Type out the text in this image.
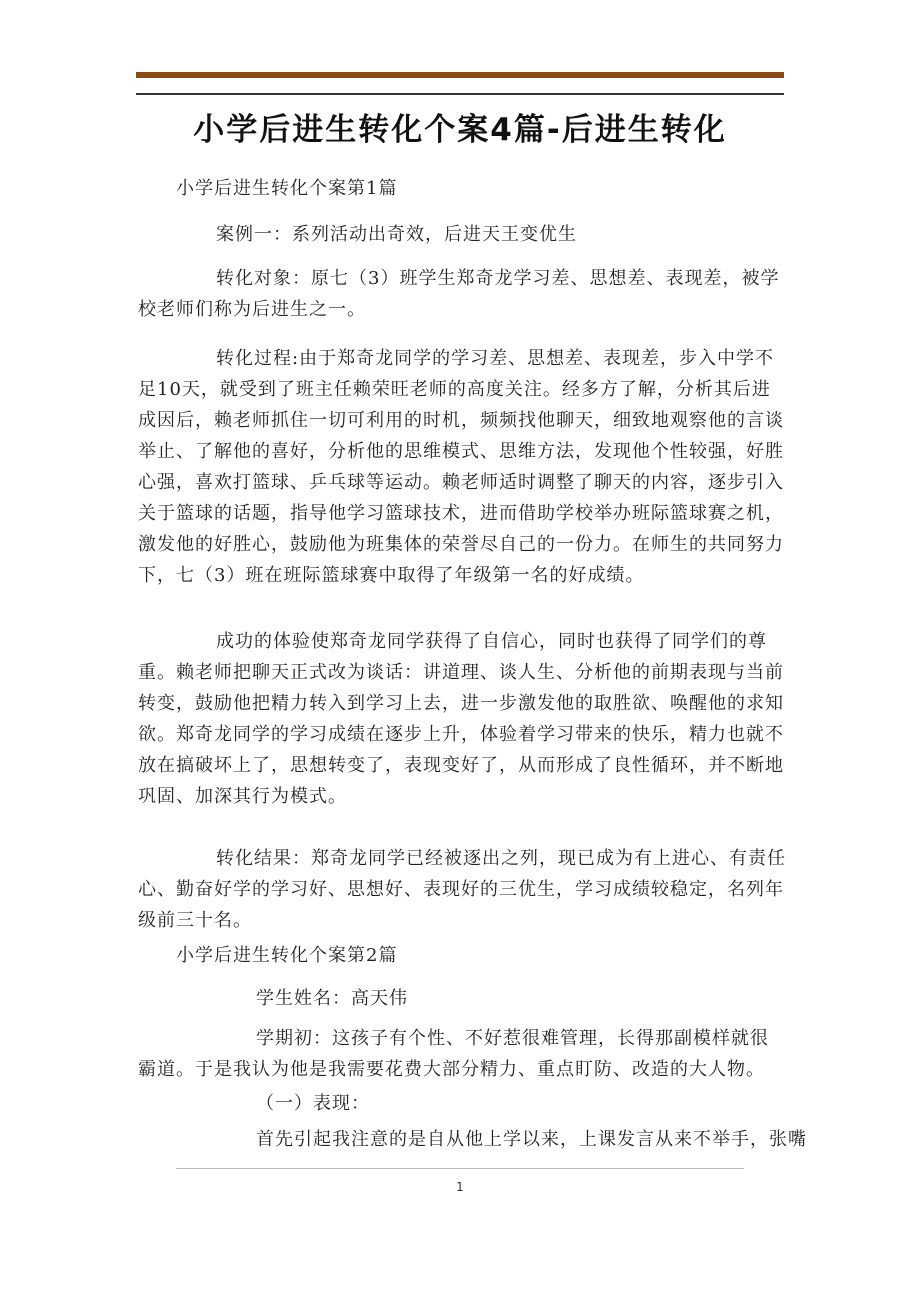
小学后进生转化个案4篇-后进生转化

小学后进生转化个案第1篇

案例一：系列活动出奇效，后进天王变优生

转化对象：原七（3）班学生郑奇龙学习差、思想差、表现差，被学校老师们称为后进生之一。

转化过程:由于郑奇龙同学的学习差、思想差、表现差，步入中学不足10天，就受到了班主任赖荣旺老师的高度关注。经多方了解，分析其后进成因后，赖老师抓住一切可利用的时机，频频找他聊天，细致地观察他的言谈举止、了解他的喜好，分析他的思维模式、思维方法，发现他个性较强，好胜心强，喜欢打篮球、乒乓球等运动。赖老师适时调整了聊天的内容，逐步引入关于篮球的话题，指导他学习篮球技术，进而借助学校举办班际篮球赛之机，激发他的好胜心，鼓励他为班集体的荣誉尽自己的一份力。在师生的共同努力下，七（3）班在班际篮球赛中取得了年级第一名的好成绩。

成功的体验使郑奇龙同学获得了自信心，同时也获得了同学们的尊重。赖老师把聊天正式改为谈话：讲道理、谈人生、分析他的前期表现与当前转变，鼓励他把精力转入到学习上去，进一步激发他的取胜欲、唤醒他的求知欲。郑奇龙同学的学习成绩在逐步上升，体验着学习带来的快乐，精力也就不放在搞破坏上了，思想转变了，表现变好了，从而形成了良性循环，并不断地巩固、加深其行为模式。

转化结果：郑奇龙同学已经被逐出之列，现已成为有上进心、有责任心、勤奋好学的学习好、思想好、表现好的三优生，学习成绩较稳定，名列年级前三十名。

小学后进生转化个案第2篇

学生姓名：高天伟

学期初：这孩子有个性、不好惹很难管理，长得那副模样就很霸道。于是我认为他是我需要花费大部分精力、重点盯防、改造的大人物。

（一）表现：

首先引起我注意的是自从他上学以来，上课发言从来不举手，张嘴

1
